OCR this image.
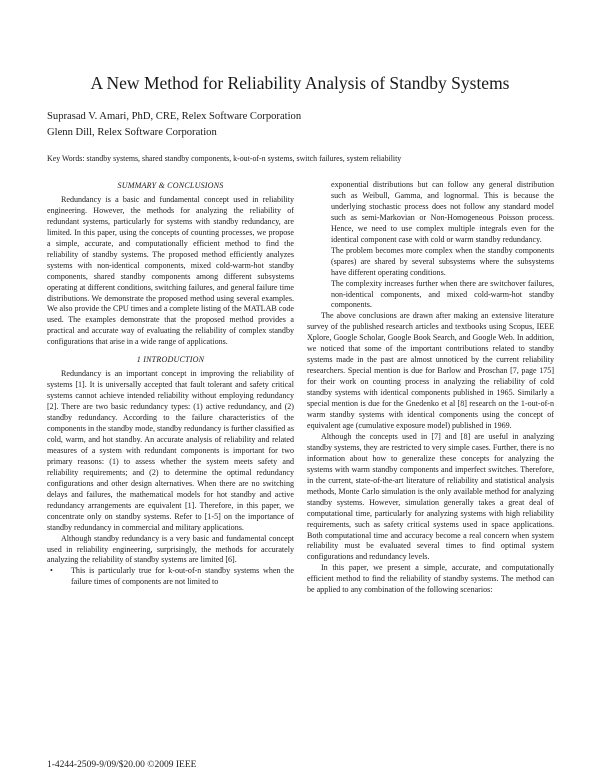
A New Method for Reliability Analysis of Standby Systems

Suprasad V. Amari, PhD, CRE, Relex Software Corporation

Glenn Dill, Relex Software Corporation

Key Words: standby systems, shared standby components, k-out-of-n systems, switch failures, system reliability

SUMMARY & CONCLUSIONS

Redundancy is a basic and fundamental concept used in reliability engineering. However, the methods for analyzing the reliability of redundant systems, particularly for systems with standby redundancy, are limited. In this paper, using the concepts of counting processes, we propose a simple, accurate, and computationally efficient method to find the reliability of standby systems. The proposed method efficiently analyzes systems with non-identical components, mixed cold-warm-hot standby components, shared standby components among different subsystems operating at different conditions, switching failures, and general failure time distributions. We demonstrate the proposed method using several examples. We also provide the CPU times and a complete listing of the MATLAB code used. The examples demonstrate that the proposed method provides a practical and accurate way of evaluating the reliability of complex standby configurations that arise in a wide range of applications.

1 INTRODUCTION

Redundancy is an important concept in improving the reliability of systems [1]. It is universally accepted that fault tolerant and safety critical systems cannot achieve intended reliability without employing redundancy [2]. There are two basic redundancy types: (1) active redundancy, and (2) standby redundancy. According to the failure characteristics of the components in the standby mode, standby redundancy is further classified as cold, warm, and hot standby. An accurate analysis of reliability and related measures of a system with redundant components is important for two primary reasons: (1) to assess whether the system meets safety and reliability requirements; and (2) to determine the optimal redundancy configurations and other design alternatives. When there are no switching delays and failures, the mathematical models for hot standby and active redundancy arrangements are equivalent [1]. Therefore, in this paper, we concentrate only on standby systems. Refer to [1-5] on the importance of standby redundancy in commercial and military applications.

Although standby redundancy is a very basic and fundamental concept used in reliability engineering, surprisingly, the methods for accurately analyzing the reliability of standby systems are limited [6].

• This is particularly true for k-out-of-n standby systems when the failure times of components are not limited to

exponential distributions but can follow any general distribution such as Weibull, Gamma, and lognormal. This is because the underlying stochastic process does not follow any standard model such as semi-Markovian or Non-Homogeneous Poisson process. Hence, we need to use complex multiple integrals even for the identical component case with cold or warm standby redundancy.

The problem becomes more complex when the standby components (spares) are shared by several subsystems where the subsystems have different operating conditions.

The complexity increases further when there are switchover failures, non-identical components, and mixed cold-warm-hot standby components.

The above conclusions are drawn after making an extensive literature survey of the published research articles and textbooks using Scopus, IEEE Xplore, Google Scholar, Google Book Search, and Google Web. In addition, we noticed that some of the important contributions related to standby systems made in the past are almost unnoticed by the current reliability researchers. Special mention is due for Barlow and Proschan [7, page 175] for their work on counting process in analyzing the reliability of cold standby systems with identical components published in 1965. Similarly a special mention is due for the Gnedenko et al [8] research on the 1-out-of-n warm standby systems with identical components using the concept of equivalent age (cumulative exposure model) published in 1969.

Although the concepts used in [7] and [8] are useful in analyzing standby systems, they are restricted to very simple cases. Further, there is no information about how to generalize these concepts for analyzing the systems with warm standby components and imperfect switches. Therefore, in the current, state-of-the-art literature of reliability and statistical analysis methods, Monte Carlo simulation is the only available method for analyzing standby systems. However, simulation generally takes a great deal of computational time, particularly for analyzing systems with high reliability requirements, such as safety critical systems used in space applications. Both computational time and accuracy become a real concern when system reliability must be evaluated several times to find optimal system configurations and redundancy levels.

In this paper, we present a simple, accurate, and computationally efficient method to find the reliability of standby systems. The method can be applied to any combination of the following scenarios:

1-4244-2509-9/09/$20.00 ©2009 IEEE
